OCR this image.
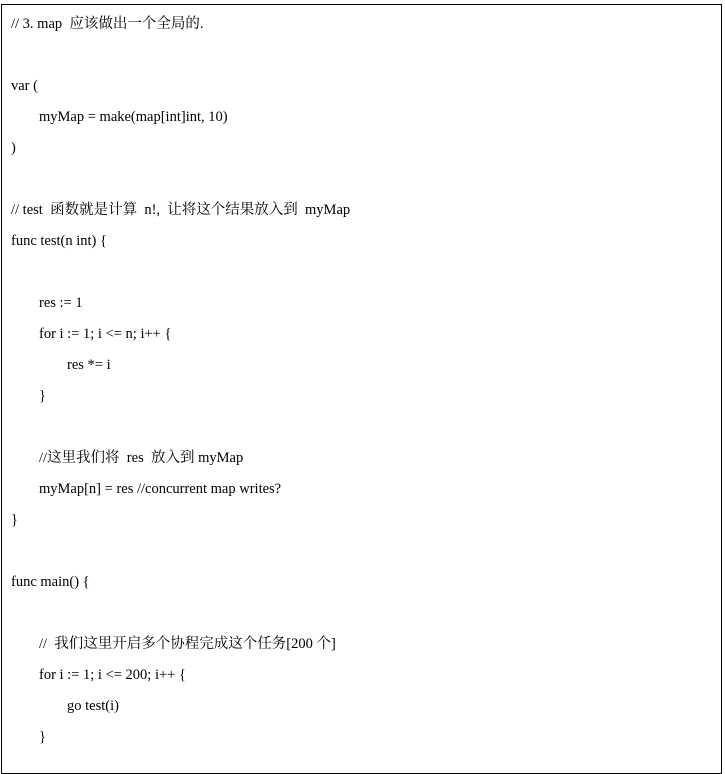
// 3. map  应该做出一个全局的.
var (
myMap = make(map[int]int, 10)
)
// test  函数就是计算  n!,  让将这个结果放入到  myMap
func test(n int) {
res := 1
for i := 1; i <= n; i++ {
res *= i
}
//这里我们将  res  放入到 myMap
myMap[n] = res //concurrent map writes?
}
func main() {
//  我们这里开启多个协程完成这个任务[200 个]
for i := 1; i <= 200; i++ {
go test(i)
}
